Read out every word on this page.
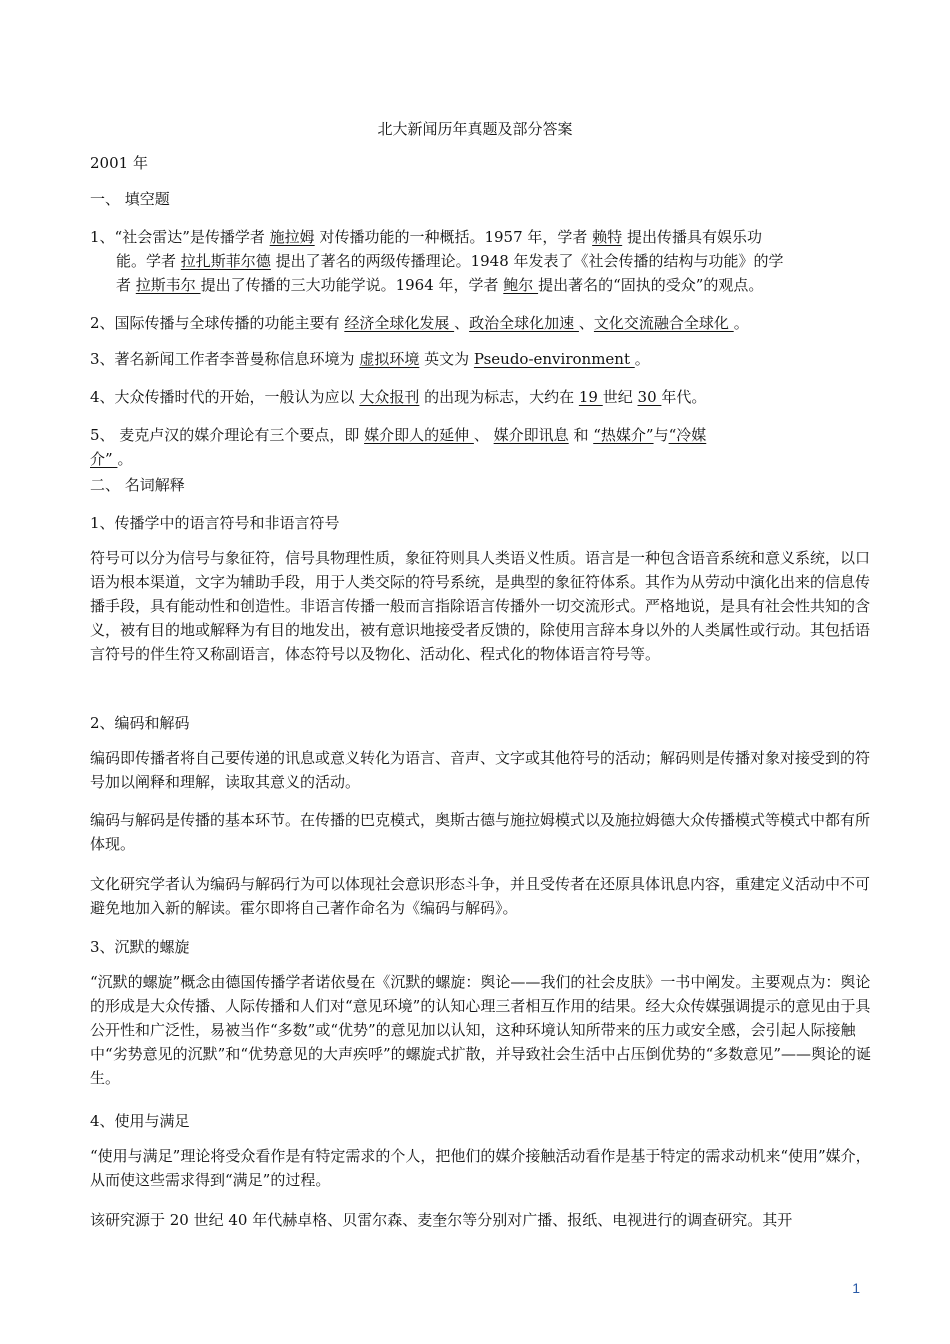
北大新闻历年真题及部分答案
2001 年
一、 填空题
1、“社会雷达”是传播学者 施拉姆 对传播功能的一种概括。1957 年，学者 赖特 提出传播具有娱乐功
能。学者 拉扎斯菲尔德 提出了著名的两级传播理论。1948 年发表了《社会传播的结构与功能》的学
者 拉斯韦尔 提出了传播的三大功能学说。1964 年，学者 鲍尔 提出著名的“固执的受众”的观点。
2、国际传播与全球传播的功能主要有 经济全球化发展 、政治全球化加速 、文化交流融合全球化 。
3、著名新闻工作者李普曼称信息环境为 虚拟环境 英文为 Pseudo-environment 。
4、大众传播时代的开始，一般认为应以 大众报刊 的出现为标志，大约在 19 世纪 30 年代。
5、 麦克卢汉的媒介理论有三个要点，即 媒介即人的延伸 、 媒介即讯息 和 “热媒介”与“冷媒
介” 。
二、 名词解释
1、传播学中的语言符号和非语言符号
符号可以分为信号与象征符，信号具物理性质，象征符则具人类语义性质。语言是一种包含语音系统和意义系统，以口语为根本渠道，文字为辅助手段，用于人类交际的符号系统，是典型的象征符体系。其作为从劳动中演化出来的信息传播手段，具有能动性和创造性。非语言传播一般而言指除语言传播外一切交流形式。严格地说，是具有社会性共知的含义，被有目的地或解释为有目的地发出，被有意识地接受者反馈的，除使用言辞本身以外的人类属性或行动。其包括语言符号的伴生符又称副语言，体态符号以及物化、活动化、程式化的物体语言符号等。
2、编码和解码
编码即传播者将自己要传递的讯息或意义转化为语言、音声、文字或其他符号的活动；解码则是传播对象对接受到的符号加以阐释和理解，读取其意义的活动。
编码与解码是传播的基本环节。在传播的巴克模式，奥斯古德与施拉姆模式以及施拉姆德大众传播模式等模式中都有所体现。
文化研究学者认为编码与解码行为可以体现社会意识形态斗争，并且受传者在还原具体讯息内容，重建定义活动中不可避免地加入新的解读。霍尔即将自己著作命名为《编码与解码》。
3、沉默的螺旋
“沉默的螺旋”概念由德国传播学者诺依曼在《沉默的螺旋：舆论——我们的社会皮肤》一书中阐发。主要观点为：舆论的形成是大众传播、人际传播和人们对“意见环境”的认知心理三者相互作用的结果。经大众传媒强调提示的意见由于具公开性和广泛性，易被当作“多数”或“优势”的意见加以认知，这种环境认知所带来的压力或安全感，会引起人际接触中“劣势意见的沉默”和“优势意见的大声疾呼”的螺旋式扩散，并导致社会生活中占压倒优势的“多数意见”——舆论的诞生。
4、使用与满足
“使用与满足”理论将受众看作是有特定需求的个人，把他们的媒介接触活动看作是基于特定的需求动机来“使用”媒介，从而使这些需求得到“满足”的过程。
该研究源于 20 世纪 40 年代赫卓格、贝雷尔森、麦奎尔等分别对广播、报纸、电视进行的调查研究。其开
1
